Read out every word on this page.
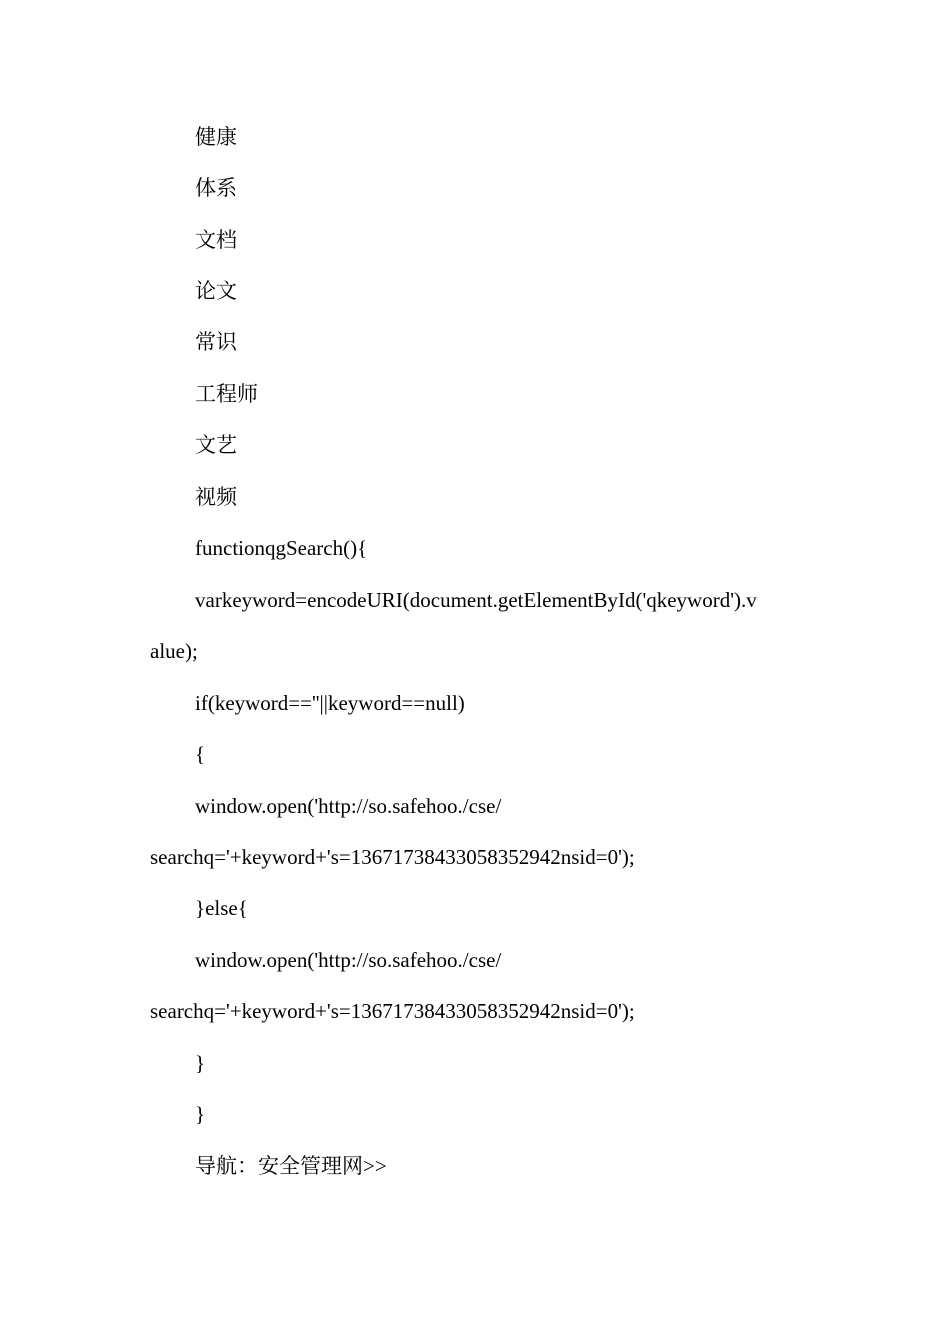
健康
体系
文档
论文
常识
工程师
文艺
视频
functionqgSearch(){
varkeyword=encodeURI(document.getElementById('qkeyword').v
alue);
if(keyword==''||keyword==null)
{
window.open('http://so.safehoo./cse/
searchq='+keyword+'s=13671738433058352942nsid=0');
}else{
window.open('http://so.safehoo./cse/
searchq='+keyword+'s=13671738433058352942nsid=0');
}
}
导航：安全管理网>>
